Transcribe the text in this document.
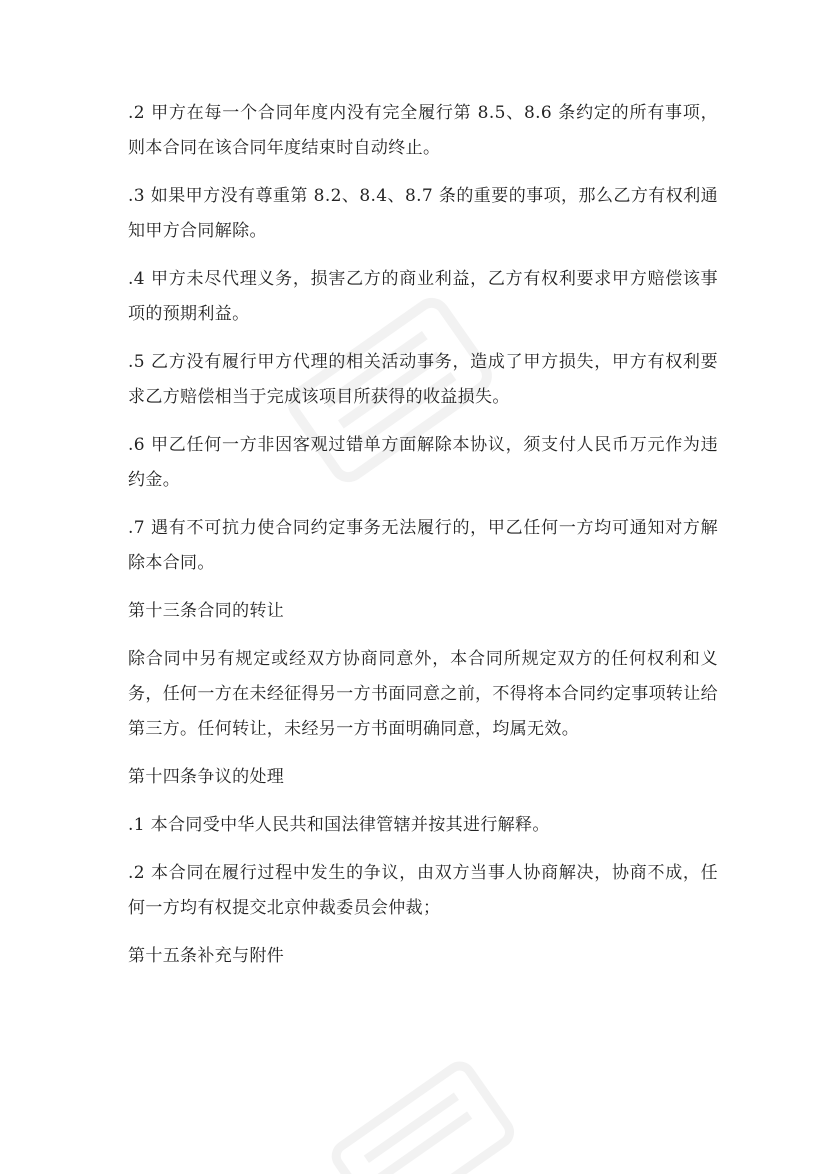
.2 甲方在每一个合同年度内没有完全履行第 8.5、8.6 条约定的所有事项，则本合同在该合同年度结束时自动终止。

.3 如果甲方没有尊重第 8.2、8.4、8.7 条的重要的事项，那么乙方有权利通知甲方合同解除。

.4 甲方未尽代理义务，损害乙方的商业利益，乙方有权利要求甲方赔偿该事项的预期利益。

.5 乙方没有履行甲方代理的相关活动事务，造成了甲方损失，甲方有权利要求乙方赔偿相当于完成该项目所获得的收益损失。

.6 甲乙任何一方非因客观过错单方面解除本协议，须支付人民币万元作为违约金。

.7 遇有不可抗力使合同约定事务无法履行的，甲乙任何一方均可通知对方解除本合同。

第十三条合同的转让

除合同中另有规定或经双方协商同意外，本合同所规定双方的任何权利和义务，任何一方在未经征得另一方书面同意之前，不得将本合同约定事项转让给第三方。任何转让，未经另一方书面明确同意，均属无效。

第十四条争议的处理

.1 本合同受中华人民共和国法律管辖并按其进行解释。

.2 本合同在履行过程中发生的争议，由双方当事人协商解决，协商不成，任何一方均有权提交北京仲裁委员会仲裁；

第十五条补充与附件
